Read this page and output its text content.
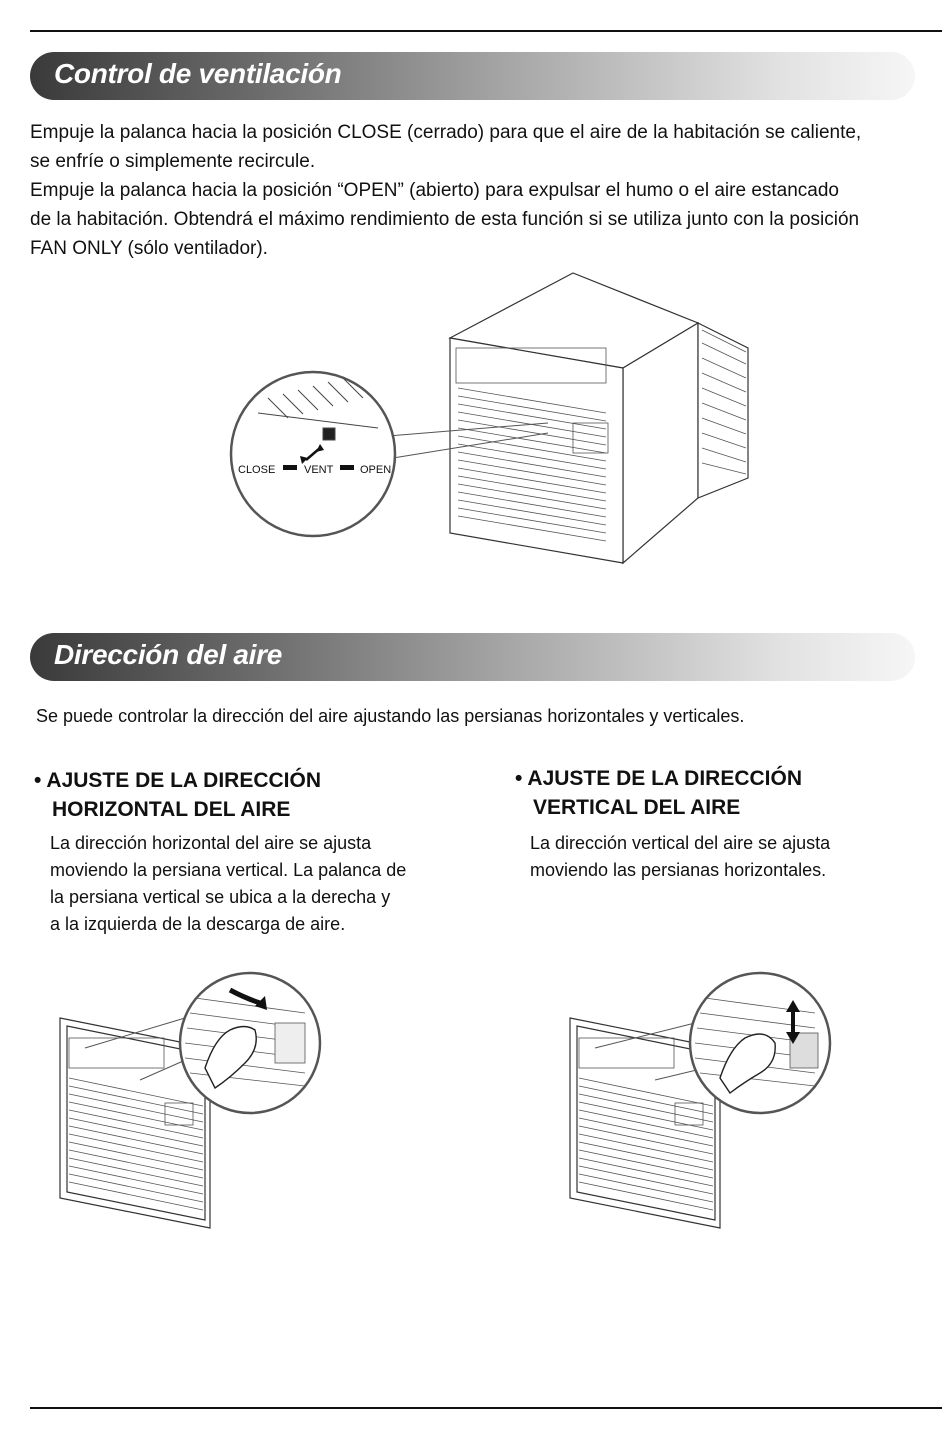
Control de ventilación

Empuje la palanca hacia la posición CLOSE (cerrado) para que el aire de la habitación se caliente,

se enfríe o simplemente recircule.

Empuje la palanca hacia la posición “OPEN” (abierto) para expulsar el humo o el aire estancado

de la habitación. Obtendrá el máximo rendimiento de esta función si se utiliza junto con la posición

FAN ONLY (sólo ventilador).

CLOSE	VENT OPEN
Dirección del aire
Se puede controlar la dirección del aire ajustando las persianas horizontales y verticales.
• AJUSTE DE LA DIRECCIÓN
HORIZONTAL DEL AIRE
La dirección horizontal del aire se ajusta
moviendo la persiana vertical. La palanca de
la persiana vertical se ubica a la derecha y
a la izquierda de la descarga de aire.
• AJUSTE DE LA DIRECCIÓN
VERTICAL DEL AIRE
La dirección vertical del aire se ajusta
moviendo las persianas horizontales.
